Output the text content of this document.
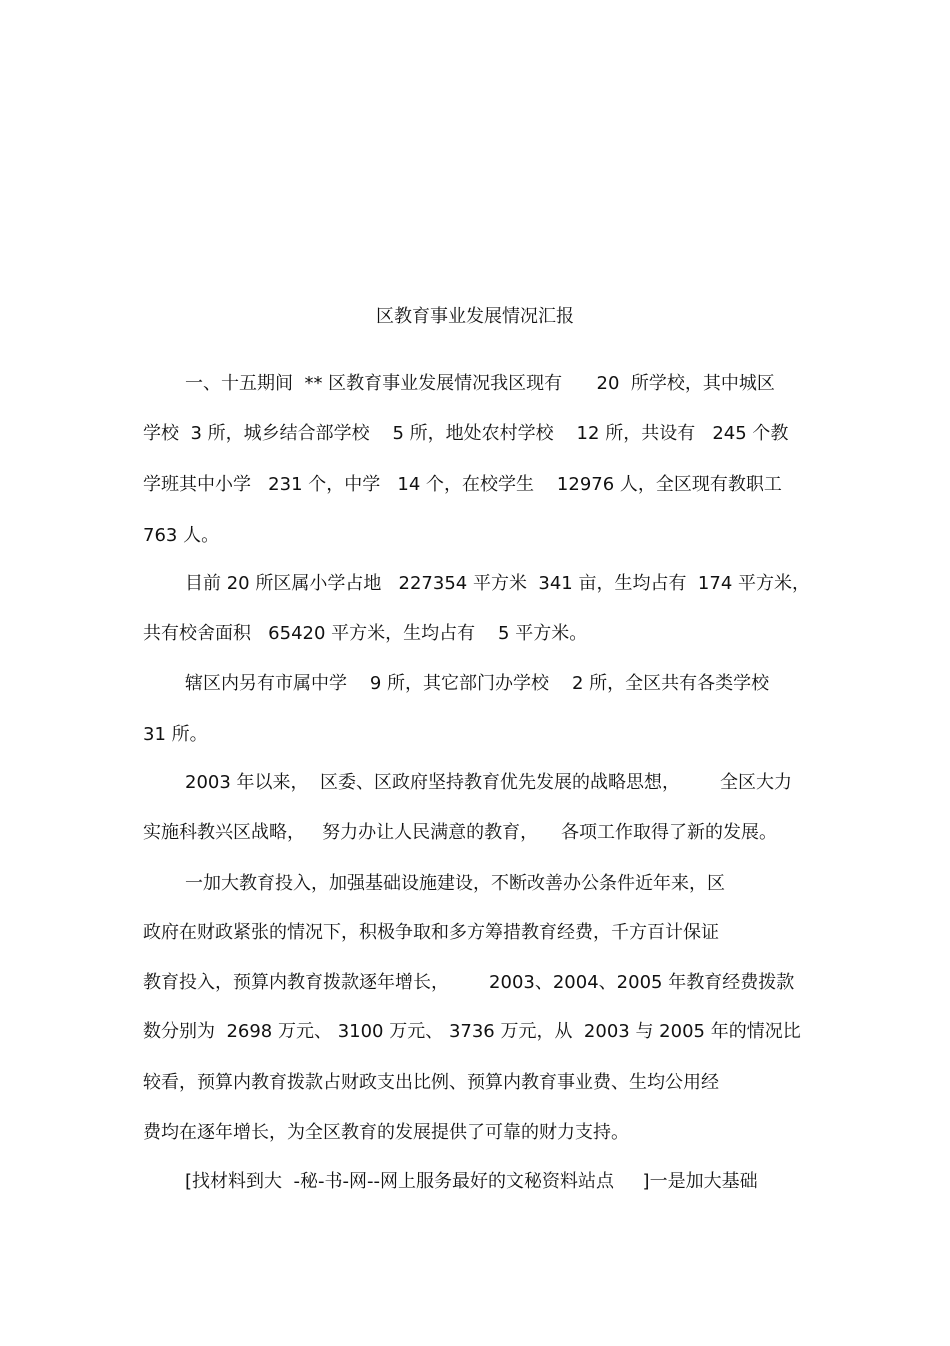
区教育事业发展情况汇报
一、十五期间  ** 区教育事业发展情况我区现有      20  所学校，其中城区
学校  3 所，城乡结合部学校    5 所，地处农村学校    12 所，共设有   245 个教
学班其中小学   231 个，中学   14 个，在校学生    12976 人，全区现有教职工
763 人。
目前 20 所区属小学占地   227354 平方米  341 亩，生均占有  174 平方米，
共有校舍面积   65420 平方米，生均占有    5 平方米。
辖区内另有市属中学    9 所，其它部门办学校    2 所，全区共有各类学校
31 所。
2003 年以来，  区委、区政府坚持教育优先发展的战略思想，       全区大力
实施科教兴区战略，   努力办让人民满意的教育，    各项工作取得了新的发展。
一加大教育投入，加强基础设施建设，不断改善办公条件近年来，区
政府在财政紧张的情况下，积极争取和多方筹措教育经费，千方百计保证
教育投入，预算内教育拨款逐年增长，       2003、2004、2005 年教育经费拨款
数分别为  2698 万元、 3100 万元、 3736 万元，从  2003 与 2005 年的情况比
较看，预算内教育拨款占财政支出比例、预算内教育事业费、生均公用经
费均在逐年增长，为全区教育的发展提供了可靠的财力支持。
[找材料到大  -秘-书-网--网上服务最好的文秘资料站点     ]一是加大基础
